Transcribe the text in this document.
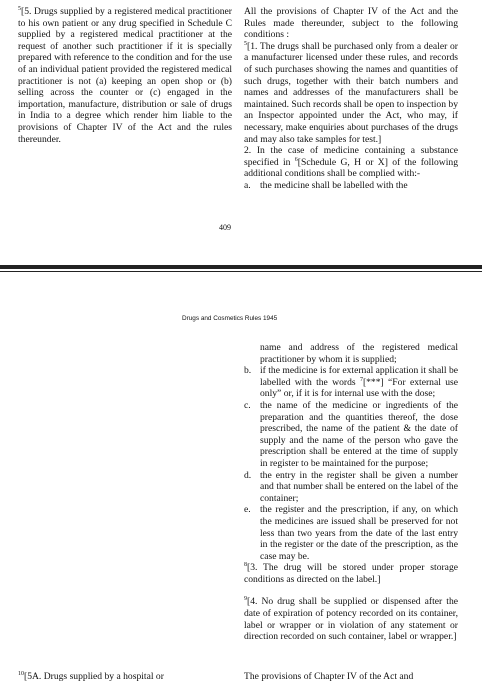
$^5$[5. Drugs supplied by a registered medical practitioner to his own patient or any drug specified in Schedule C supplied by a registered medical practitioner at the request of another such practitioner if it is specially prepared with reference to the condition and for the use of an individual patient provided the registered medical practitioner is not (a) keeping an open shop or (b) selling across the counter or (c) engaged in the importation, manufacture, distribution or sale of drugs in India to a degree which render him liable to the provisions of Chapter IV of the Act and the rules thereunder.
All the provisions of Chapter IV of the Act and the Rules made thereunder, subject to the following conditions :
$^5$[1. The drugs shall be purchased only from a dealer or a manufacturer licensed under these rules, and records of such purchases showing the names and quantities of such drugs, together with their batch numbers and names and addresses of the manufacturers shall be maintained. Such records shall be open to inspection by an Inspector appointed under the Act, who may, if necessary, make enquiries about purchases of the drugs and may also take samples for test.]
2. In the case of medicine containing a substance specified in $^6$[Schedule G, H or X] of the following additional conditions shall be complied with:-
a. the medicine shall be labelled with the
409
Drugs and Cosmetics Rules 1945
name and address of the registered medical practitioner by whom it is supplied;
b. if the medicine is for external application it shall be labelled with the words $^7$[***] “For external use only” or, if it is for internal use with the dose;
c. the name of the medicine or ingredients of the preparation and the quantities thereof, the dose prescribed, the name of the patient & the date of supply and the name of the person who gave the prescription shall be entered at the time of supply in register to be maintained for the purpose;
d. the entry in the register shall be given a number and that number shall be entered on the label of the container;
e. the register and the prescription, if any, on which the medicines are issued shall be preserved for not less than two years from the date of the last entry in the register or the date of the prescription, as the case may be.
$^8$[3. The drug will be stored under proper storage conditions as directed on the label.]
$^9$[4. No drug shall be supplied or dispensed after the date of expiration of potency recorded on its container, label or wrapper or in violation of any statement or direction recorded on such container, label or wrapper.]
$^{10}$[5A. Drugs supplied by a hospital or	The provisions of Chapter IV of the Act and
